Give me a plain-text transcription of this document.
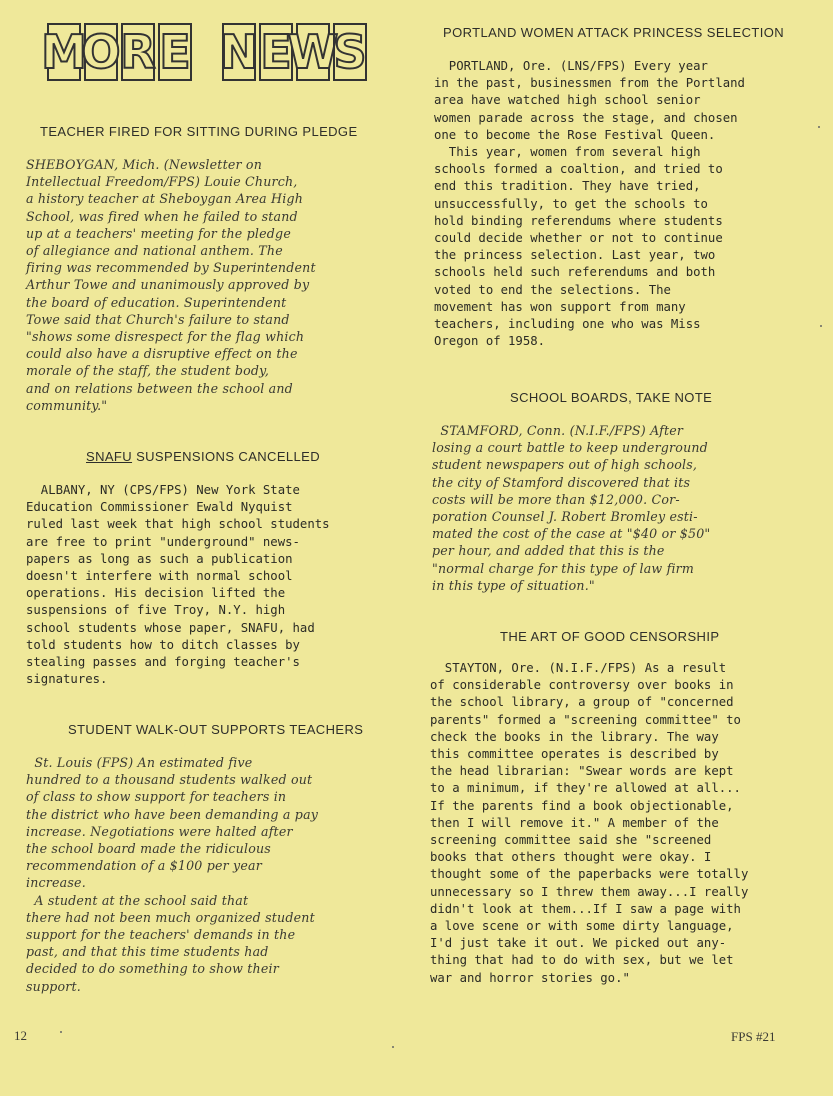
M
O R E N E
W
S
TEACHER FIRED FOR SITTING DURING PLEDGE
SHEBOYGAN, Mich. (Newsletter on
Intellectual Freedom/FPS) Louie Church,
a history teacher at Sheboygan Area High
School, was fired when he failed to stand
up at a teachers' meeting for the pledge
of allegiance and national anthem. The
firing was recommended by Superintendent
Arthur Towe and unanimously approved by
the board of education. Superintendent
Towe said that Church's failure to stand
"shows some disrespect for the flag which
could also have a disruptive effect on the
morale of the staff, the student body,
and on relations between the school and
community."
SNAFU SUSPENSIONS CANCELLED
ALBANY, NY (CPS/FPS) New York State
Education Commissioner Ewald Nyquist
ruled last week that high school students
are free to print "underground" news-
papers as long as such a publication
doesn't interfere with normal school
operations. His decision lifted the
suspensions of five Troy, N.Y. high
school students whose paper, SNAFU, had
told students how to ditch classes by
stealing passes and forging teacher's
signatures.
STUDENT WALK-OUT SUPPORTS TEACHERS
St. Louis (FPS) An estimated five
hundred to a thousand students walked out
of class to show support for teachers in
the district who have been demanding a pay
increase. Negotiations were halted after
the school board made the ridiculous
recommendation of a $100 per year
increase.
A student at the school said that
there had not been much organized student
support for the teachers' demands in the
past, and that this time students had
decided to do something to show their
support.
PORTLAND WOMEN ATTACK PRINCESS SELECTION
PORTLAND, Ore. (LNS/FPS) Every year
in the past, businessmen from the Portland
area have watched high school senior
women parade across the stage, and chosen
one to become the Rose Festival Queen.
This year, women from several high
schools formed a coaltion, and tried to
end this tradition. They have tried,
unsuccessfully, to get the schools to
hold binding referendums where students
could decide whether or not to continue
the princess selection. Last year, two
schools held such referendums and both
voted to end the selections. The
movement has won support from many
teachers, including one who was Miss
Oregon of 1958.
SCHOOL BOARDS, TAKE NOTE
STAMFORD, Conn. (N.I.F./FPS) After
losing a court battle to keep underground
student newspapers out of high schools,
the city of Stamford discovered that its
costs will be more than $12,000. Cor-
poration Counsel J. Robert Bromley esti-
mated the cost of the case at "$40 or $50"
per hour, and added that this is the
"normal charge for this type of law firm
in this type of situation."
THE ART OF GOOD CENSORSHIP
STAYTON, Ore. (N.I.F./FPS) As a result
of considerable controversy over books in
the school library, a group of "concerned
parents" formed a "screening committee" to
check the books in the library. The way
this committee operates is described by
the head librarian: "Swear words are kept
to a minimum, if they're allowed at all...
If the parents find a book objectionable,
then I will remove it." A member of the
screening committee said she "screened
books that others thought were okay. I
thought some of the paperbacks were totally
unnecessary so I threw them away...I really
didn't look at them...If I saw a page with
a love scene or with some dirty language,
I'd just take it out. We picked out any-
thing that had to do with sex, but we let
war and horror stories go."
12	FPS #21
